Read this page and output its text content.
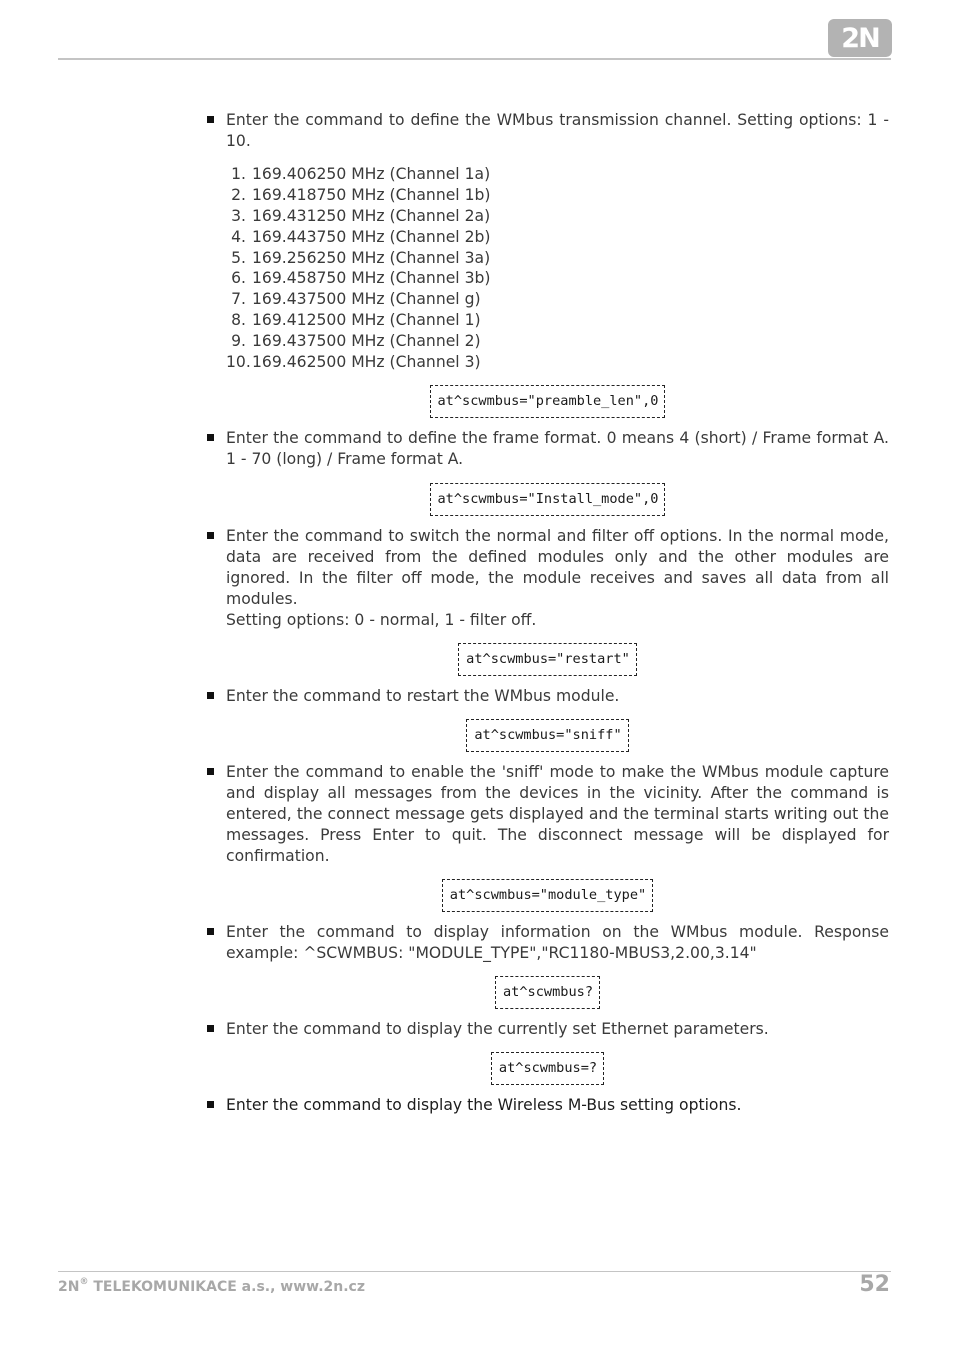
2N
Enter the command to define the WMbus transmission channel. Setting options: 1 - 10.
1. 169.406250 MHz (Channel 1a)
2. 169.418750 MHz (Channel 1b)
3. 169.431250 MHz (Channel 2a)
4. 169.443750 MHz (Channel 2b)
5. 169.256250 MHz (Channel 3a)
6. 169.458750 MHz (Channel 3b)
7. 169.437500 MHz (Channel g)
8. 169.412500 MHz (Channel 1)
9. 169.437500 MHz (Channel 2)
10. 169.462500 MHz (Channel 3)
at^scwmbus="preamble_len",0
Enter the command to define the frame format. 0 means 4 (short) / Frame format A. 1 - 70 (long) / Frame format A.
at^scwmbus="Install_mode",0
Enter the command to switch the normal and filter off options. In the normal mode, data are received from the defined modules only and the other modules are ignored. In the filter off mode, the module receives and saves all data from all modules.
Setting options: 0 - normal, 1 - filter off.
at^scwmbus="restart"
Enter the command to restart the WMbus module.
at^scwmbus="sniff"
Enter the command to enable the 'sniff' mode to make the WMbus module capture and display all messages from the devices in the vicinity. After the command is entered, the connect message gets displayed and the terminal starts writing out the messages. Press Enter to quit. The disconnect message will be displayed for confirmation.
at^scwmbus="module_type"
Enter the command to display information on the WMbus module. Response example: ^SCWMBUS: "MODULE_TYPE","RC1180-MBUS3,2.00,3.14"
at^scwmbus?
Enter the command to display the currently set Ethernet parameters.
at^scwmbus=?
Enter the command to display the Wireless M-Bus setting options.
2N® TELEKOMUNIKACE a.s., www.2n.cz	52
